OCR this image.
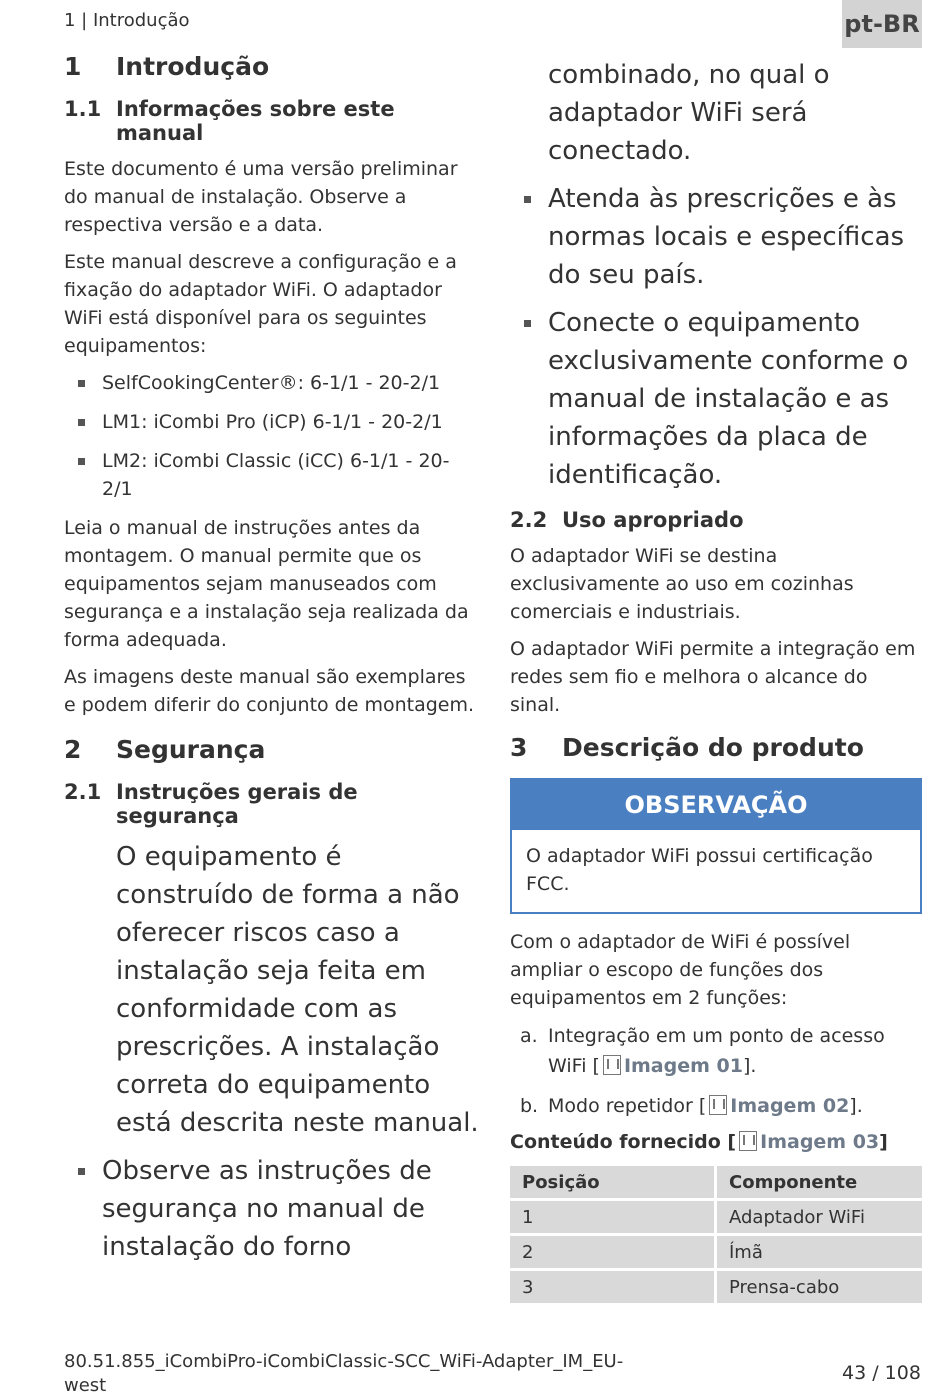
1 | Introdução	pt-BR
1	Introdução
1.1 Informações sobre este manual

Este documento é uma versão preliminar do manual de instalação. Observe a respectiva versão e a data.

Este manual descreve a configuração e a fixação do adaptador WiFi. O adaptador WiFi está disponível para os seguintes equipamentos:

SelfCookingCenter®: 6-1/1 - 20-2/1
LM1: iCombi Pro (iCP) 6-1/1 - 20-2/1
LM2: iCombi Classic (iCC) 6-1/1 - 20-2/1

Leia o manual de instruções antes da montagem. O manual permite que os equipamentos sejam manuseados com segurança e a instalação seja realizada da forma adequada.

As imagens deste manual são exemplares e podem diferir do conjunto de montagem.

2	Segurança
2.1 Instruções gerais de segurança
O equipamento é construído de forma a não oferecer riscos caso a instalação seja feita em conformidade com as prescrições. A instalação correta do equipamento está descrita neste manual.
Observe as instruções de segurança no manual de instalação do forno
combinado, no qual o adaptador WiFi será conectado.
Atenda às prescrições e às normas locais e específicas do seu país.
Conecte o equipamento exclusivamente conforme o manual de instalação e as informações da placa de identificação.
2.2 Uso apropriado

O adaptador WiFi se destina exclusivamente ao uso em cozinhas comerciais e industriais.

O adaptador WiFi permite a integração em redes sem fio e melhora o alcance do sinal.

3	Descrição do produto
OBSERVAÇÃO
O adaptador WiFi possui certificação FCC.

Com o adaptador de WiFi é possível ampliar o escopo de funções dos equipamentos em 2 funções:

a. Integração em um ponto de acesso WiFi [ Imagem 01].
b. Modo repetidor [ Imagem 02].
Conteúdo fornecido [ Imagem 03]
Posição	Componente
1	Adaptador WiFi
2	Ímã
3	Prensa-cabo
80.51.855_iCombiPro-iCombiClassic-SCC_WiFi-Adapter_IM_EU-west
43 / 108
